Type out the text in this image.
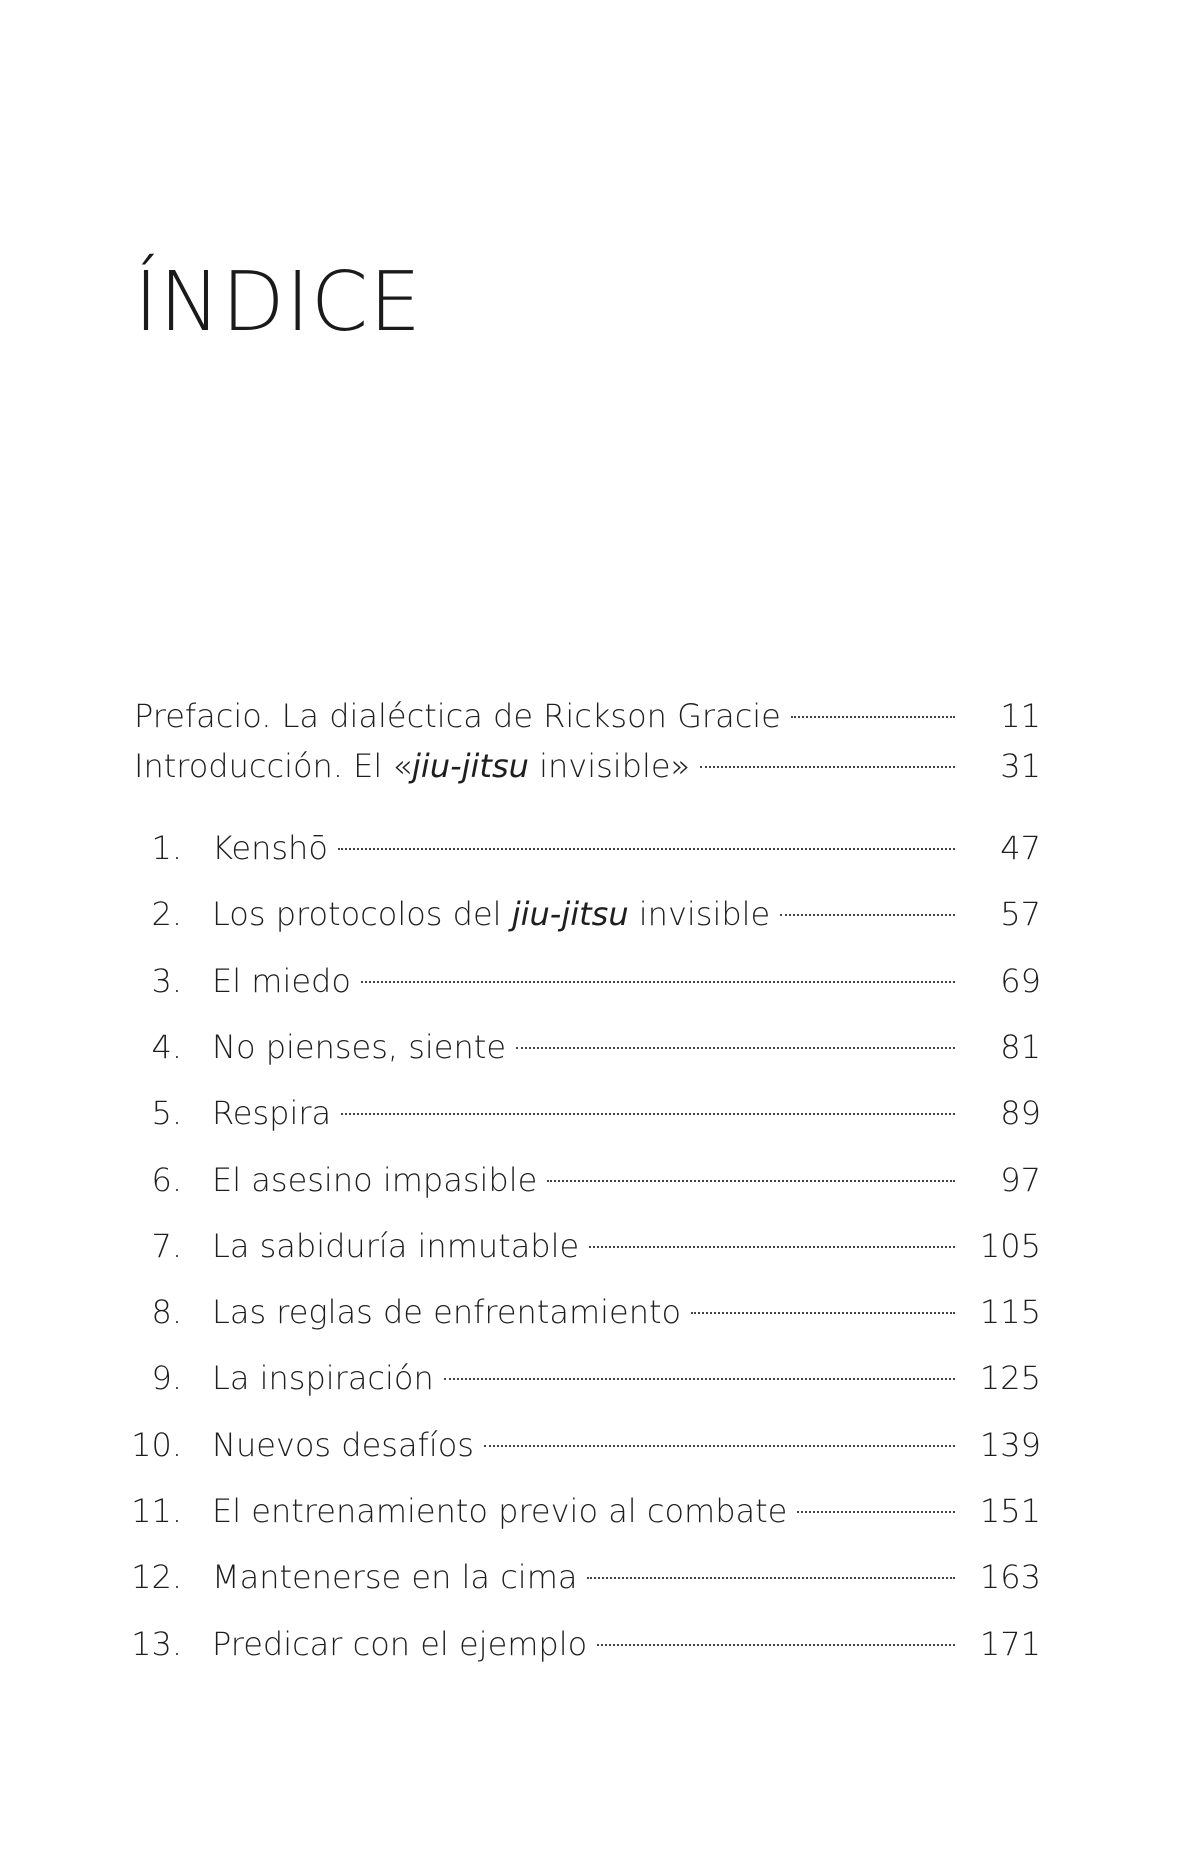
ÍNDICE
Prefacio. La dialéctica de Rickson Gracie	11
Introducción. El «jiu-jitsu invisible»	31
1. Kenshō	47
2. Los protocolos del jiu-jitsu invisible	57
3. El miedo	69
4. No pienses, siente	81
5. Respira	89
6. El asesino impasible	97
7. La sabiduría inmutable	105
8. Las reglas de enfrentamiento	115
9. La inspiración	125
10. Nuevos desafíos	139
11. El entrenamiento previo al combate	151
12. Mantenerse en la cima	163
13. Predicar con el ejemplo	171
